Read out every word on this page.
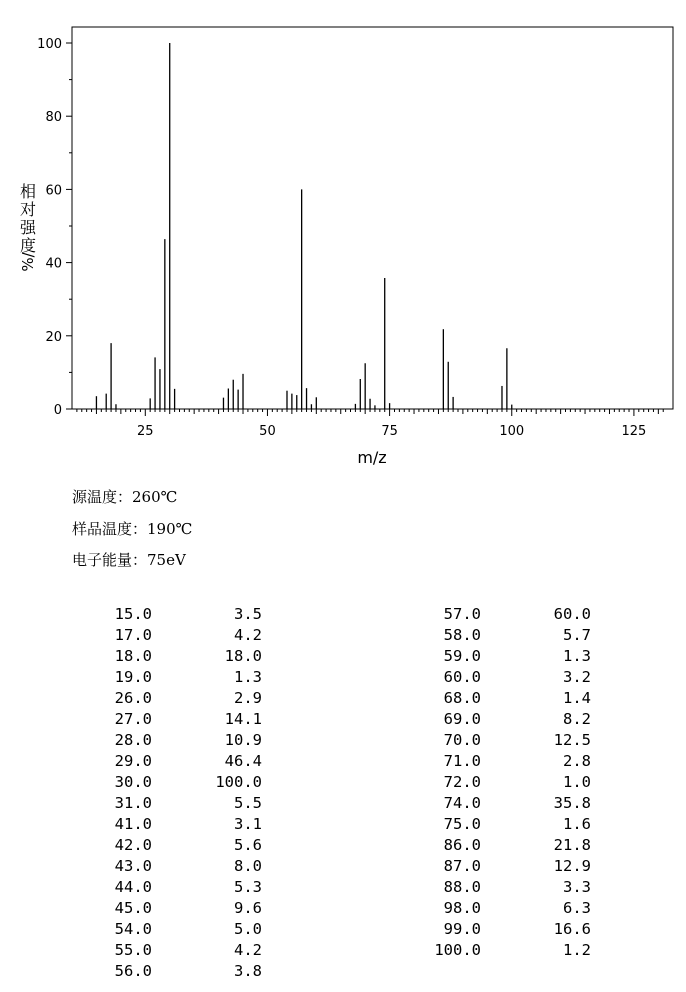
0
20
40
60
80
100
25	50	75	100	125
m/z
相
对
强
度
%/
源温度：260℃
样品温度：190℃
电子能量：75eV
15.0	3.5
17.0	4.2
18.0	18.0
19.0	1.3
26.0	2.9
27.0	14.1
28.0	10.9
29.0	46.4
30.0	100.0
31.0	5.5
41.0	3.1
42.0	5.6
43.0	8.0
44.0	5.3
45.0	9.6
54.0	5.0
55.0	4.2
56.0	3.8
57.0	60.0
58.0	5.7
59.0	1.3
60.0	3.2
68.0	1.4
69.0	8.2
70.0	12.5
71.0	2.8
72.0	1.0
74.0	35.8
75.0	1.6
86.0	21.8
87.0	12.9
88.0	3.3
98.0	6.3
99.0	16.6
100.0	1.2
